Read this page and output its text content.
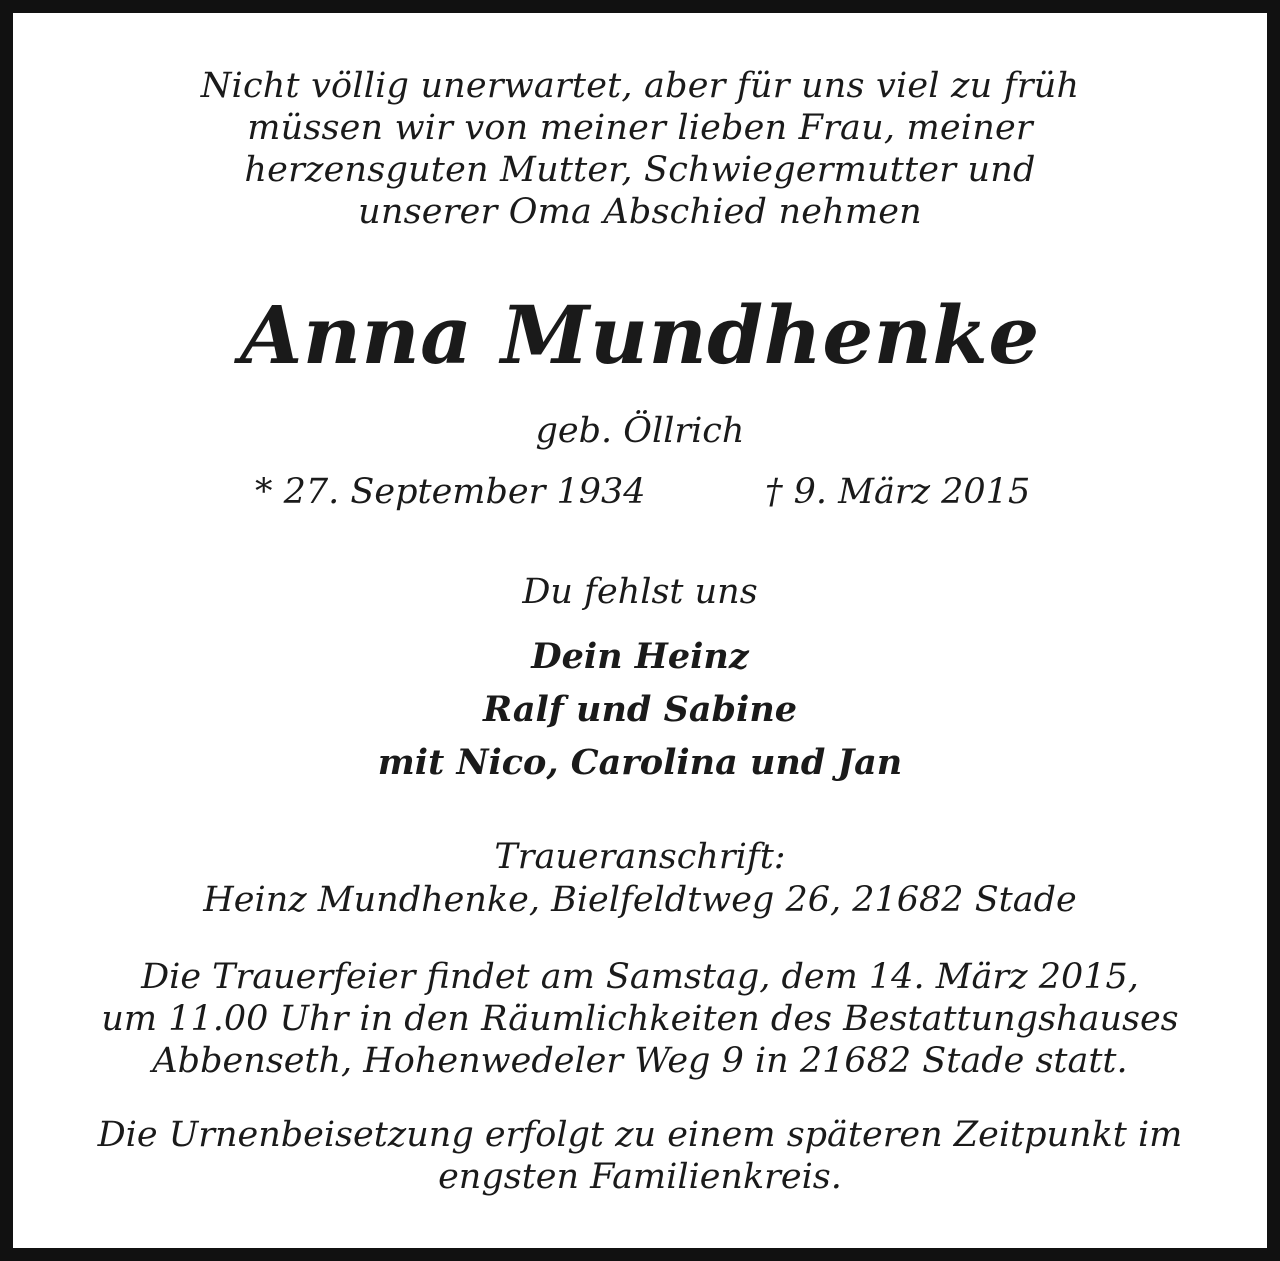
Nicht völlig unerwartet, aber für uns viel zu früh
müssen wir von meiner lieben Frau, meiner
herzensguten Mutter, Schwiegermutter und
unserer Oma Abschied nehmen
Anna Mundhenke
geb. Öllrich
* 27. September 1934	† 9. März 2015
Du fehlst uns
Dein Heinz
Ralf und Sabine
mit Nico, Carolina und Jan
Traueranschrift:
Heinz Mundhenke, Bielfeldtweg 26, 21682 Stade
Die Trauerfeier findet am Samstag, dem 14. März 2015,
um 11.00 Uhr in den Räumlichkeiten des Bestattungshauses
Abbenseth, Hohenwedeler Weg 9 in 21682 Stade statt.
Die Urnenbeisetzung erfolgt zu einem späteren Zeitpunkt im
engsten Familienkreis.
